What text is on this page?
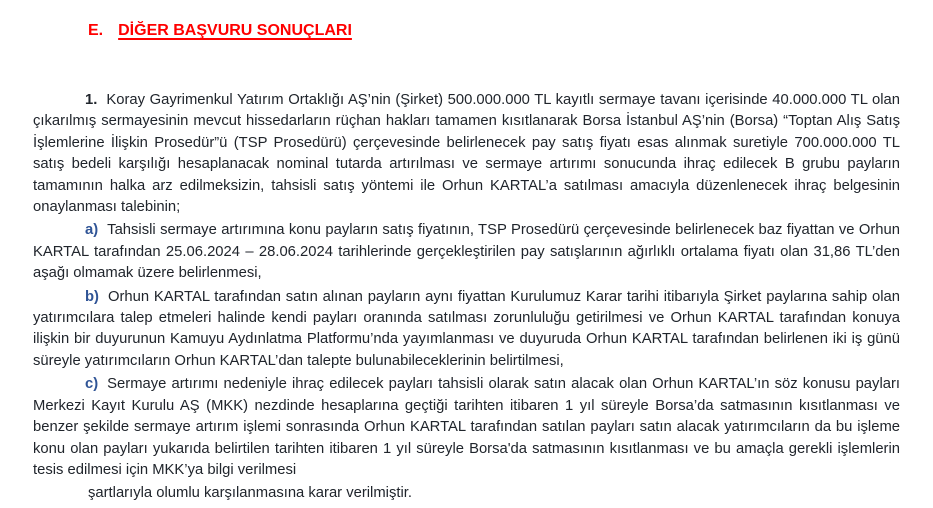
E. DİĞER BAŞVURU SONUÇLARI

1. Koray Gayrimenkul Yatırım Ortaklığı AŞ’nin (Şirket) 500.000.000 TL kayıtlı sermaye tavanı içerisinde 40.000.000 TL olan çıkarılmış sermayesinin mevcut hissedarların rüçhan hakları tamamen kısıtlanarak Borsa İstanbul AŞ’nin (Borsa) “Toptan Alış Satış İşlemlerine İlişkin Prosedür”ü (TSP Prosedürü) çerçevesinde belirlenecek pay satış fiyatı esas alınmak suretiyle 700.000.000 TL satış bedeli karşılığı hesaplanacak nominal tutarda artırılması ve sermaye artırımı sonucunda ihraç edilecek B grubu payların tamamının halka arz edilmeksizin, tahsisli satış yöntemi ile Orhun KARTAL’a satılması amacıyla düzenlenecek ihraç belgesinin onaylanması talebinin;

a) Tahsisli sermaye artırımına konu payların satış fiyatının, TSP Prosedürü çerçevesinde belirlenecek baz fiyattan ve Orhun KARTAL tarafından 25.06.2024 – 28.06.2024 tarihlerinde gerçekleştirilen pay satışlarının ağırlıklı ortalama fiyatı olan 31,86 TL’den aşağı olmamak üzere belirlenmesi,

b) Orhun KARTAL tarafından satın alınan payların aynı fiyattan Kurulumuz Karar tarihi itibarıyla Şirket paylarına sahip olan yatırımcılara talep etmeleri halinde kendi payları oranında satılması zorunluluğu getirilmesi ve Orhun KARTAL tarafından konuya ilişkin bir duyurunun Kamuyu Aydınlatma Platformu’nda yayımlanması ve duyuruda Orhun KARTAL tarafından belirlenen iki iş günü süreyle yatırımcıların Orhun KARTAL’dan talepte bulunabileceklerinin belirtilmesi,

c) Sermaye artırımı nedeniyle ihraç edilecek payları tahsisli olarak satın alacak olan Orhun KARTAL’ın söz konusu payları Merkezi Kayıt Kurulu AŞ (MKK) nezdinde hesaplarına geçtiği tarihten itibaren 1 yıl süreyle Borsa’da satmasının kısıtlanması ve benzer şekilde sermaye artırım işlemi sonrasında Orhun KARTAL tarafından satılan payları satın alacak yatırımcıların da bu işleme konu olan payları yukarıda belirtilen tarihten itibaren 1 yıl süreyle Borsa'da satmasının kısıtlanması ve bu amaçla gerekli işlemlerin tesis edilmesi için MKK’ya bilgi verilmesi

şartlarıyla olumlu karşılanmasına karar verilmiştir.
